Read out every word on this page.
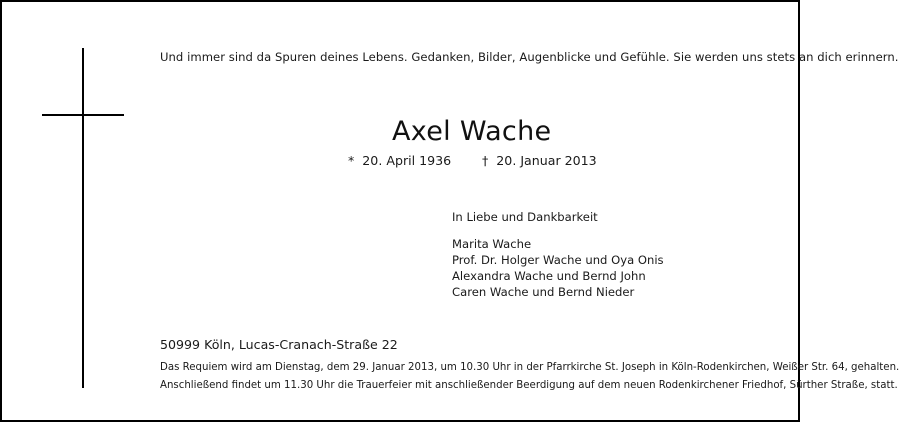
Und immer sind da Spuren deines Lebens. Gedanken, Bilder, Augenblicke und Gefühle. Sie werden uns stets an dich erinnern.
Axel Wache
* 20. April 1936 † 20. Januar 2013
In Liebe und Dankbarkeit
Marita Wache
Prof. Dr. Holger Wache und Oya Onis
Alexandra Wache und Bernd John
Caren Wache und Bernd Nieder
50999 Köln, Lucas-Cranach-Straße 22
Das Requiem wird am Dienstag, dem 29. Januar 2013, um 10.30 Uhr in der Pfarrkirche St. Joseph in Köln-Rodenkirchen, Weißer Str. 64, gehalten.
Anschließend findet um 11.30 Uhr die Trauerfeier mit anschließender Beerdigung auf dem neuen Rodenkirchener Friedhof, Sürther Straße, statt.
